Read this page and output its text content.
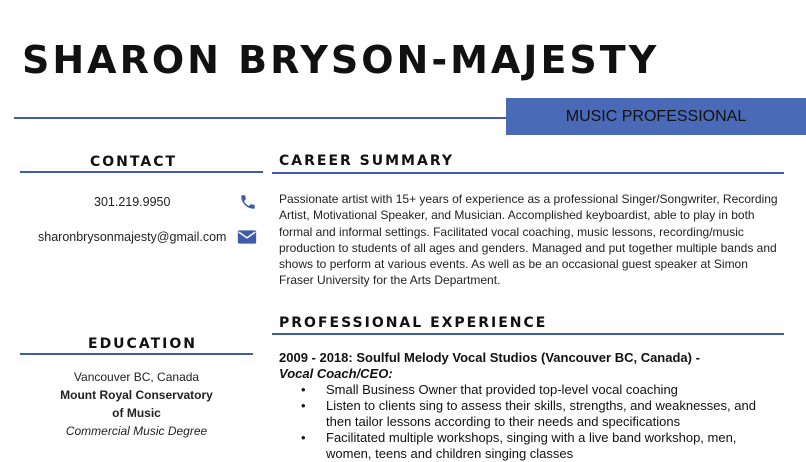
SHARON BRYSON-MAJESTY
MUSIC PROFESSIONAL
CONTACT
301.219.9950
sharonbrysonmajesty@gmail.com
EDUCATION
Vancouver BC, Canada
Mount Royal Conservatory
of Music
Commercial Music Degree
CAREER SUMMARY
Passionate artist with 15+ years of experience as a professional Singer/Songwriter, Recording Artist, Motivational Speaker, and Musician. Accomplished keyboardist, able to play in both formal and informal settings. Facilitated vocal coaching, music lessons, recording/music production to students of all ages and genders. Managed and put together multiple bands and shows to perform at various events. As well as be an occasional guest speaker at Simon Fraser University for the Arts Department.
PROFESSIONAL EXPERIENCE
2009 - 2018: Soulful Melody Vocal Studios (Vancouver BC, Canada) -
Vocal Coach/CEO:
• Small Business Owner that provided top-level vocal coaching
• Listen to clients sing to assess their skills, strengths, and weaknesses, and then tailor lessons according to their needs and specifications
• Facilitated multiple workshops, singing with a live band workshop, men, women, teens and children singing classes
